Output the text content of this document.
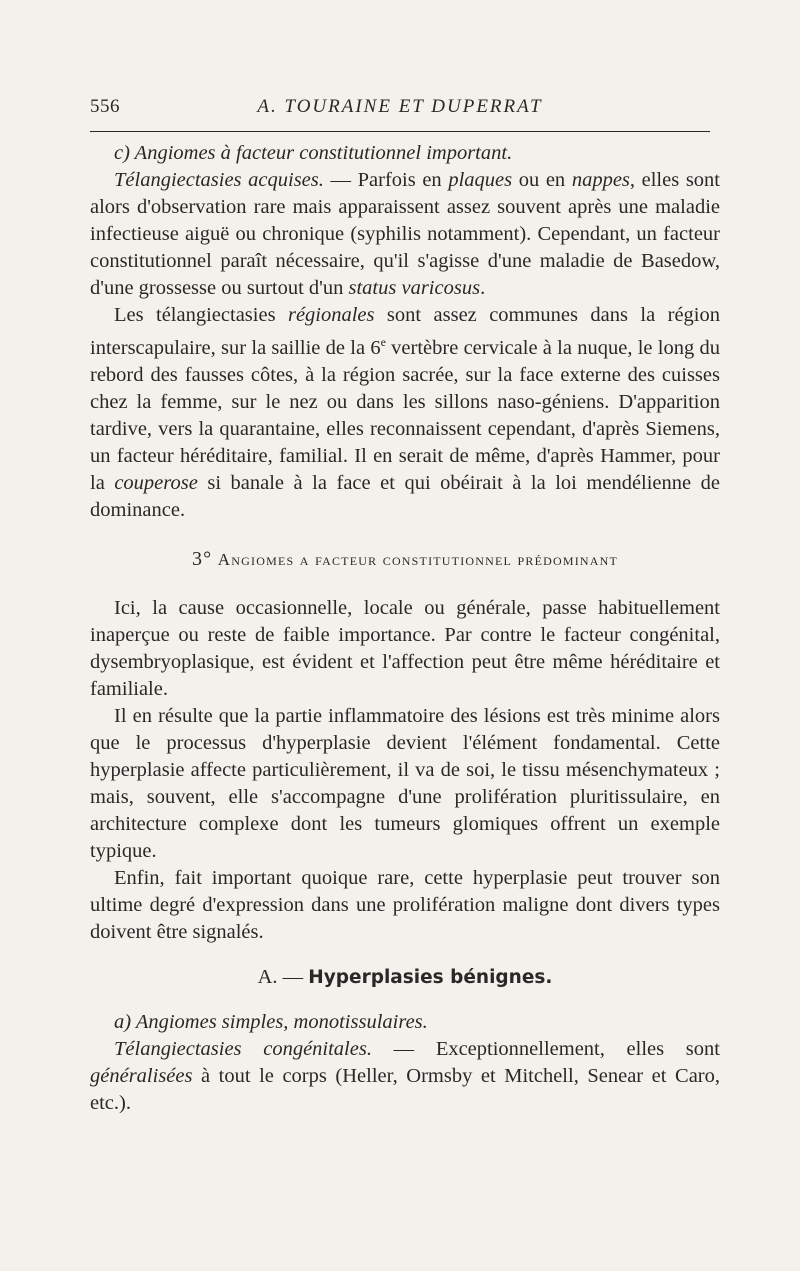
556	A. TOURAINE ET DUPERRAT

c) Angiomes à facteur constitutionnel important.

Télangiectasies acquises. — Parfois en plaques ou en nappes, elles sont alors d'observation rare mais apparaissent assez souvent après une maladie infectieuse aiguë ou chronique (syphilis notamment). Cependant, un facteur constitutionnel paraît nécessaire, qu'il s'agisse d'une maladie de Basedow, d'une grossesse ou surtout d'un status varicosus.

Les télangiectasies régionales sont assez communes dans la région interscapulaire, sur la saillie de la 6e vertèbre cervicale à la nuque, le long du rebord des fausses côtes, à la région sacrée, sur la face externe des cuisses chez la femme, sur le nez ou dans les sillons naso-géniens. D'apparition tardive, vers la quarantaine, elles reconnaissent cependant, d'après Siemens, un facteur héréditaire, familial. Il en serait de même, d'après Hammer, pour la couperose si banale à la face et qui obéirait à la loi mendélienne de dominance.

3° Angiomes a facteur constitutionnel prédominant

Ici, la cause occasionnelle, locale ou générale, passe habituellement inaperçue ou reste de faible importance. Par contre le facteur congénital, dysembryoplasique, est évident et l'affection peut être même héréditaire et familiale.

Il en résulte que la partie inflammatoire des lésions est très minime alors que le processus d'hyperplasie devient l'élément fondamental. Cette hyperplasie affecte particulièrement, il va de soi, le tissu mésenchymateux ; mais, souvent, elle s'accompagne d'une prolifération pluritissulaire, en architecture complexe dont les tumeurs glomiques offrent un exemple typique.

Enfin, fait important quoique rare, cette hyperplasie peut trouver son ultime degré d'expression dans une prolifération maligne dont divers types doivent être signalés.

A. — Hyperplasies bénignes.

a) Angiomes simples, monotissulaires.

Télangiectasies congénitales. — Exceptionnellement, elles sont généralisées à tout le corps (Heller, Ormsby et Mitchell, Senear et Caro, etc.).
